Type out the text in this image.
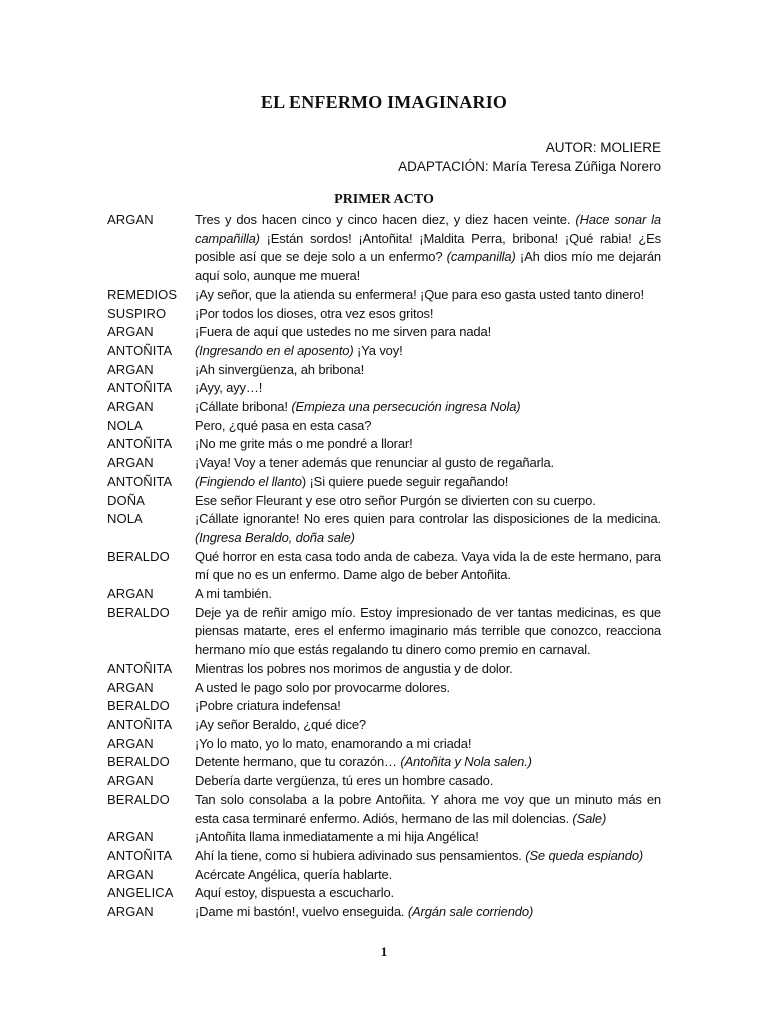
EL ENFERMO IMAGINARIO
AUTOR: MOLIERE
ADAPTACIÓN: María Teresa Zúñiga Norero
PRIMER ACTO
ARGAN	Tres y dos hacen cinco y cinco hacen diez, y diez hacen veinte. (Hace sonar la campañilla) ¡Están sordos! ¡Antoñita! ¡Maldita Perra, bribona! ¡Qué rabia! ¿Es posible así que se deje solo a un enfermo? (campanilla) ¡Ah dios mío me dejarán aquí solo, aunque me muera!
REMEDIOS	¡Ay señor, que la atienda su enfermera! ¡Que para eso gasta usted tanto dinero!
SUSPIRO	¡Por todos los dioses, otra vez esos gritos!
ARGAN	¡Fuera de aquí que ustedes no me sirven para nada!
ANTOÑITA	(Ingresando en el aposento) ¡Ya voy!
ARGAN	¡Ah sinvergüenza, ah bribona!
ANTOÑITA	¡Ayy, ayy…!
ARGAN	¡Cállate bribona! (Empieza una persecución ingresa Nola)
NOLA	Pero, ¿qué pasa en esta casa?
ANTOÑITA	¡No me grite más o me pondré a llorar!
ARGAN	¡Vaya! Voy a tener además que renunciar al gusto de regañarla.
ANTOÑITA	(Fingiendo el llanto) ¡Si quiere puede seguir regañando!
DOÑA	Ese señor Fleurant y ese otro señor Purgón se divierten con su cuerpo.
NOLA	¡Cállate ignorante! No eres quien para controlar las disposiciones de la medicina. (Ingresa Beraldo, doña sale)
BERALDO	Qué horror en esta casa todo anda de cabeza. Vaya vida la de este hermano, para mí que no es un enfermo. Dame algo de beber Antoñita.
ARGAN	A mi también.
BERALDO	Deje ya de reñir amigo mío. Estoy impresionado de ver tantas medicinas, es que piensas matarte, eres el enfermo imaginario más terrible que conozco, reacciona hermano mío que estás regalando tu dinero como premio en carnaval.
ANTOÑITA	Mientras los pobres nos morimos de angustia y de dolor.
ARGAN	A usted le pago solo por provocarme dolores.
BERALDO	¡Pobre criatura indefensa!
ANTOÑITA	¡Ay señor Beraldo, ¿qué dice?
ARGAN	¡Yo lo mato, yo lo mato, enamorando a mi criada!
BERALDO	Detente hermano, que tu corazón… (Antoñita y Nola salen.)
ARGAN	Debería darte vergüenza, tú eres un hombre casado.
BERALDO	Tan solo consolaba a la pobre Antoñita. Y ahora me voy que un minuto más en esta casa terminaré enfermo. Adiós, hermano de las mil dolencias. (Sale)
ARGAN	¡Antoñita llama inmediatamente a mi hija Angélica!
ANTOÑITA	Ahí la tiene, como si hubiera adivinado sus pensamientos. (Se queda espiando)
ARGAN	Acércate Angélica, quería hablarte.
ANGELICA	Aquí estoy, dispuesta a escucharlo.
ARGAN	¡Dame mi bastón!, vuelvo enseguida. (Argán sale corriendo)
1
